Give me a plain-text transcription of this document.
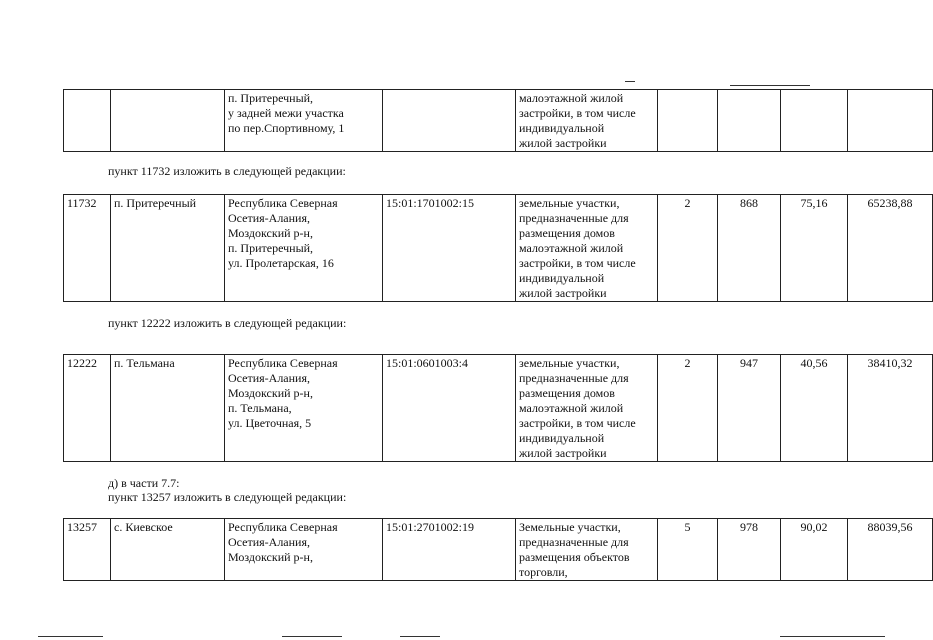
		п. Притеречный,
у задней межи участка
по пер.Спортивному, 1		малоэтажной жилой
застройки, в том числе
индивидуальной
жилой застройки				

пункт 11732 изложить в следующей редакции:

11732	п. Притеречный	Республика Северная
Осетия-Алания,
Моздокский р-н,
п. Притеречный,
ул. Пролетарская, 16	15:01:1701002:15	земельные участки,
предназначенные для
размещения домов
малоэтажной жилой
застройки, в том числе
индивидуальной
жилой застройки	2	868	75,16	65238,88

пункт 12222 изложить в следующей редакции:

12222	п. Тельмана	Республика Северная
Осетия-Алания,
Моздокский р-н,
п. Тельмана,
ул. Цветочная, 5	15:01:0601003:4	земельные участки,
предназначенные для
размещения домов
малоэтажной жилой
застройки, в том числе
индивидуальной
жилой застройки	2	947	40,56	38410,32

д) в части 7.7:

пункт 13257 изложить в следующей редакции:

13257	с. Киевское	Республика Северная
Осетия-Алания,
Моздокский р-н,	15:01:2701002:19	Земельные участки,
предназначенные для
размещения объектов
торговли,	5	978	90,02	88039,56
